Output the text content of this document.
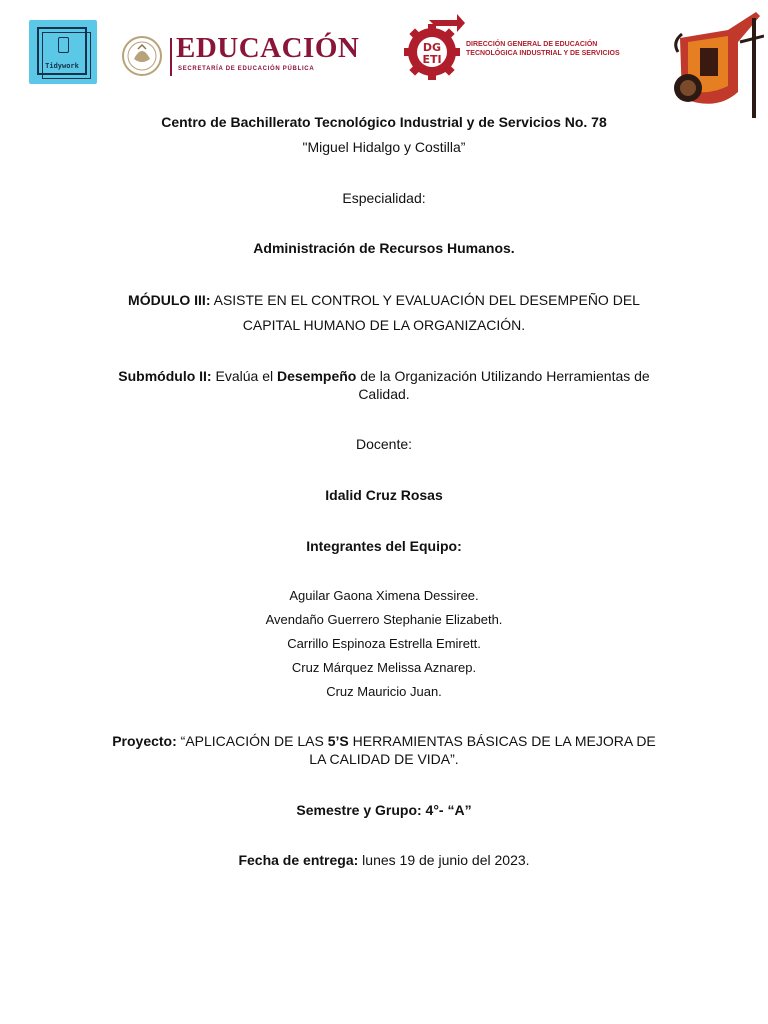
Tidywork
EDUCACIÓN
SECRETARÍA DE EDUCACIÓN PÚBLICA
DG
ETI
DIRECCIÓN GENERAL DE EDUCACIÓN
TECNOLÓGICA INDUSTRIAL Y DE SERVICIOS
Centro de Bachillerato Tecnológico Industrial y de Servicios No. 78
"Miguel Hidalgo y Costilla”
Especialidad:
Administración de Recursos Humanos.
MÓDULO III: ASISTE EN EL CONTROL Y EVALUACIÓN DEL DESEMPEÑO DEL
CAPITAL HUMANO DE LA ORGANIZACIÓN.
Submódulo II: Evalúa el Desempeño de la Organización Utilizando Herramientas de
Calidad.
Docente:
Idalid Cruz Rosas
Integrantes del Equipo:
Aguilar Gaona Ximena Dessiree.
Avendaño Guerrero Stephanie Elizabeth.
Carrillo Espinoza Estrella Emirett.
Cruz Márquez Melissa Aznarep.
Cruz Mauricio Juan.
Proyecto: “APLICACIÓN DE LAS 5’S HERRAMIENTAS BÁSICAS DE LA MEJORA DE
LA CALIDAD DE VIDA”.
Semestre y Grupo: 4°- “A”
Fecha de entrega: lunes 19 de junio del 2023.
